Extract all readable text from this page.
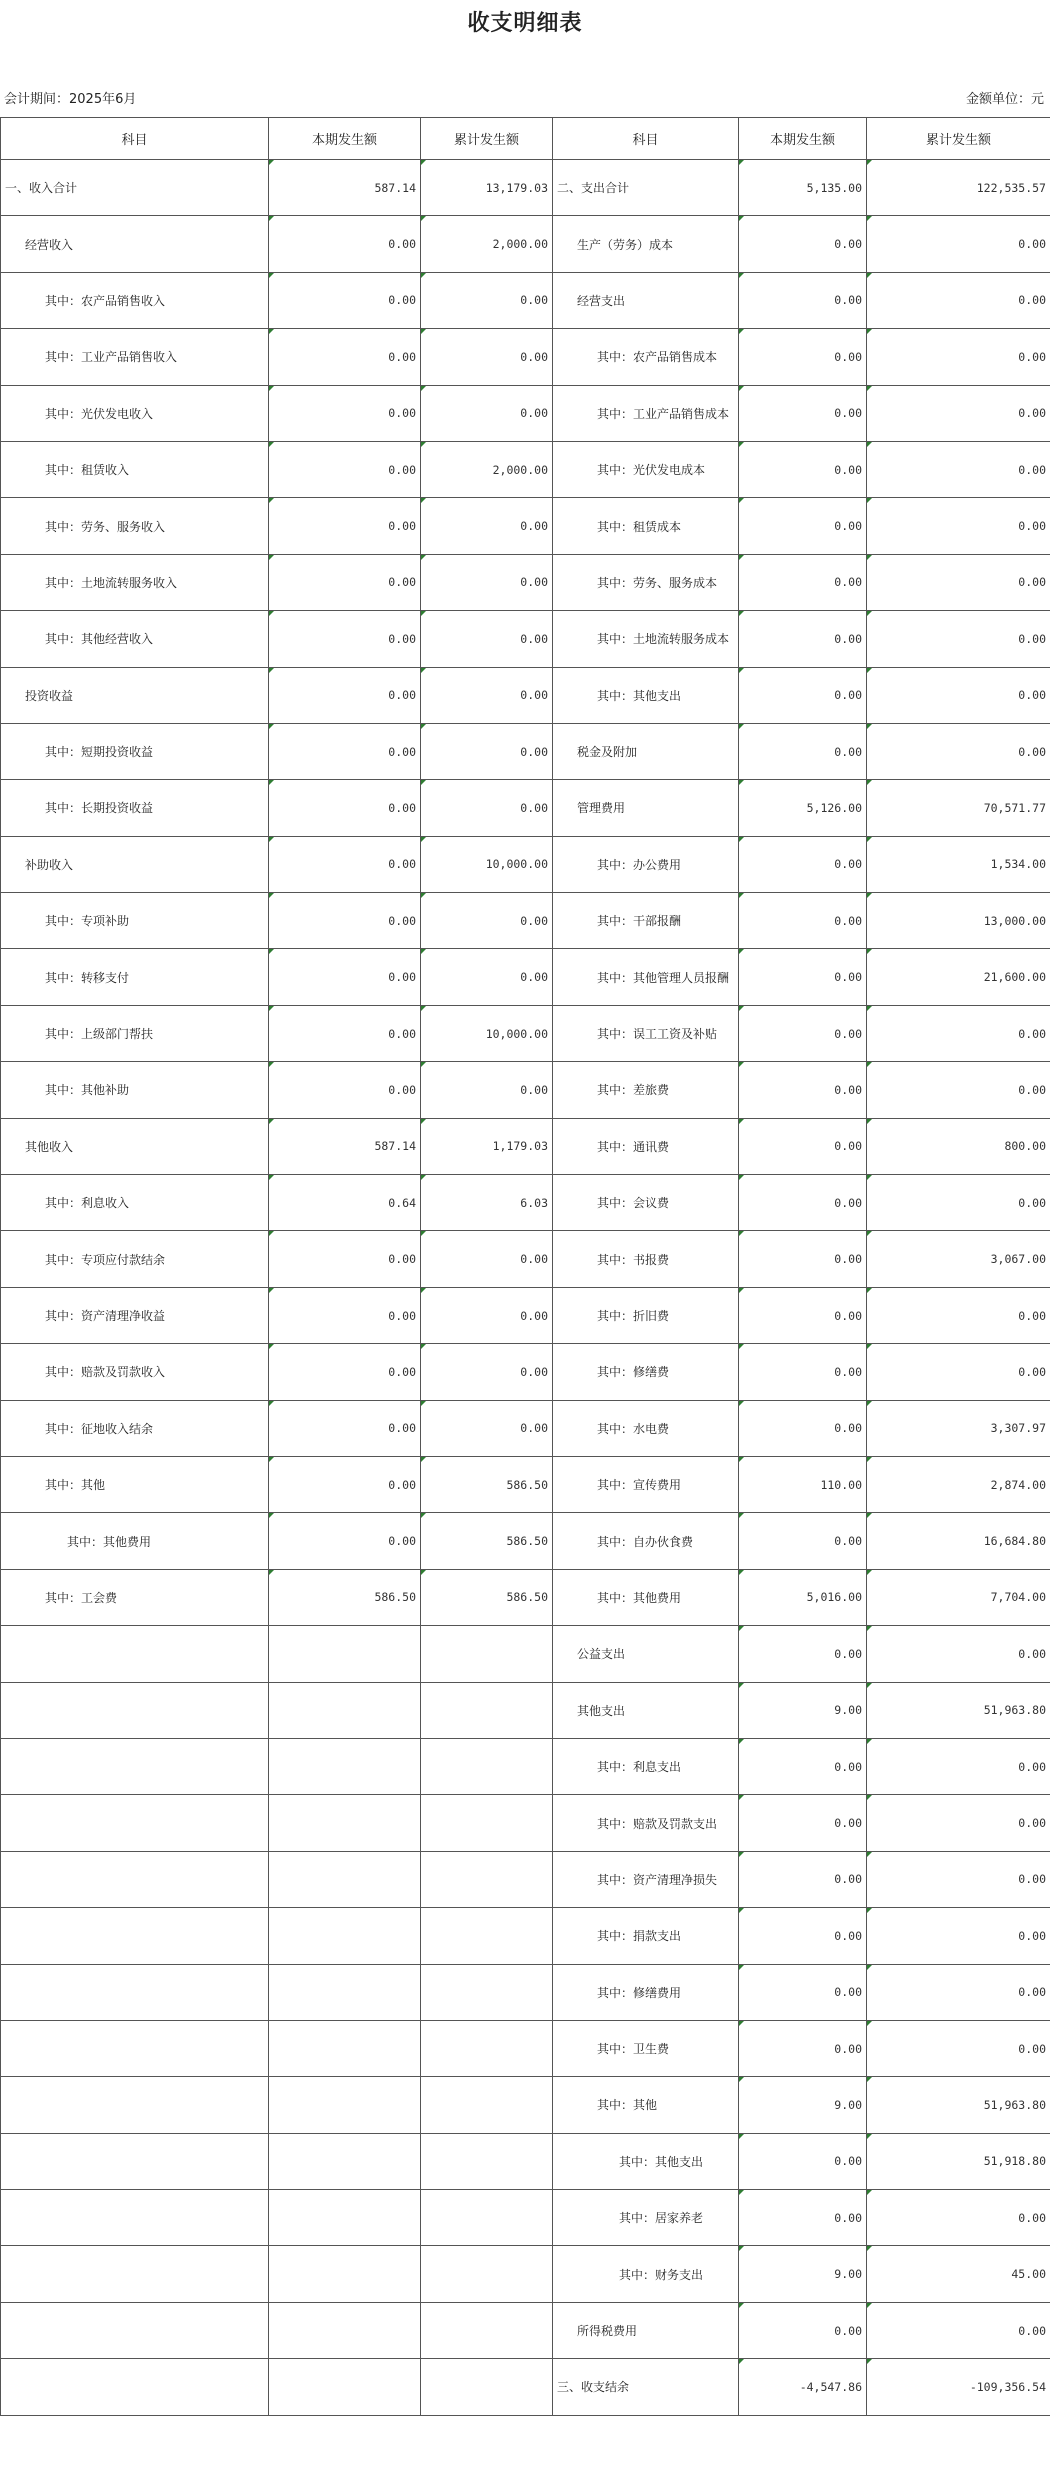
收支明细表
会计期间：2025年6月	金额单位：元
科目	本期发生额	累计发生额	科目	本期发生额	累计发生额
一、收入合计	587.14	13,179.03	二、支出合计	5,135.00	122,535.57
经营收入	0.00	2,000.00	生产（劳务）成本	0.00	0.00
其中：农产品销售收入	0.00	0.00	经营支出	0.00	0.00
其中：工业产品销售收入	0.00	0.00	其中：农产品销售成本	0.00	0.00
其中：光伏发电收入	0.00	0.00	其中：工业产品销售成本	0.00	0.00
其中：租赁收入	0.00	2,000.00	其中：光伏发电成本	0.00	0.00
其中：劳务、服务收入	0.00	0.00	其中：租赁成本	0.00	0.00
其中：土地流转服务收入	0.00	0.00	其中：劳务、服务成本	0.00	0.00
其中：其他经营收入	0.00	0.00	其中：土地流转服务成本	0.00	0.00
投资收益	0.00	0.00	其中：其他支出	0.00	0.00
其中：短期投资收益	0.00	0.00	税金及附加	0.00	0.00
其中：长期投资收益	0.00	0.00	管理费用	5,126.00	70,571.77
补助收入	0.00	10,000.00	其中：办公费用	0.00	1,534.00
其中：专项补助	0.00	0.00	其中：干部报酬	0.00	13,000.00
其中：转移支付	0.00	0.00	其中：其他管理人员报酬	0.00	21,600.00
其中：上级部门帮扶	0.00	10,000.00	其中：误工工资及补贴	0.00	0.00
其中：其他补助	0.00	0.00	其中：差旅费	0.00	0.00
其他收入	587.14	1,179.03	其中：通讯费	0.00	800.00
其中：利息收入	0.64	6.03	其中：会议费	0.00	0.00
其中：专项应付款结余	0.00	0.00	其中：书报费	0.00	3,067.00
其中：资产清理净收益	0.00	0.00	其中：折旧费	0.00	0.00
其中：赔款及罚款收入	0.00	0.00	其中：修缮费	0.00	0.00
其中：征地收入结余	0.00	0.00	其中：水电费	0.00	3,307.97
其中：其他	0.00	586.50	其中：宣传费用	110.00	2,874.00
其中：其他费用	0.00	586.50	其中：自办伙食费	0.00	16,684.80
其中：工会费	586.50	586.50	其中：其他费用	5,016.00	7,704.00
			公益支出	0.00	0.00
			其他支出	9.00	51,963.80
			其中：利息支出	0.00	0.00
			其中：赔款及罚款支出	0.00	0.00
			其中：资产清理净损失	0.00	0.00
			其中：捐款支出	0.00	0.00
			其中：修缮费用	0.00	0.00
			其中：卫生费	0.00	0.00
			其中：其他	9.00	51,963.80
			其中：其他支出	0.00	51,918.80
			其中：居家养老	0.00	0.00
			其中：财务支出	9.00	45.00
			所得税费用	0.00	0.00
			三、收支结余	-4,547.86	-109,356.54
